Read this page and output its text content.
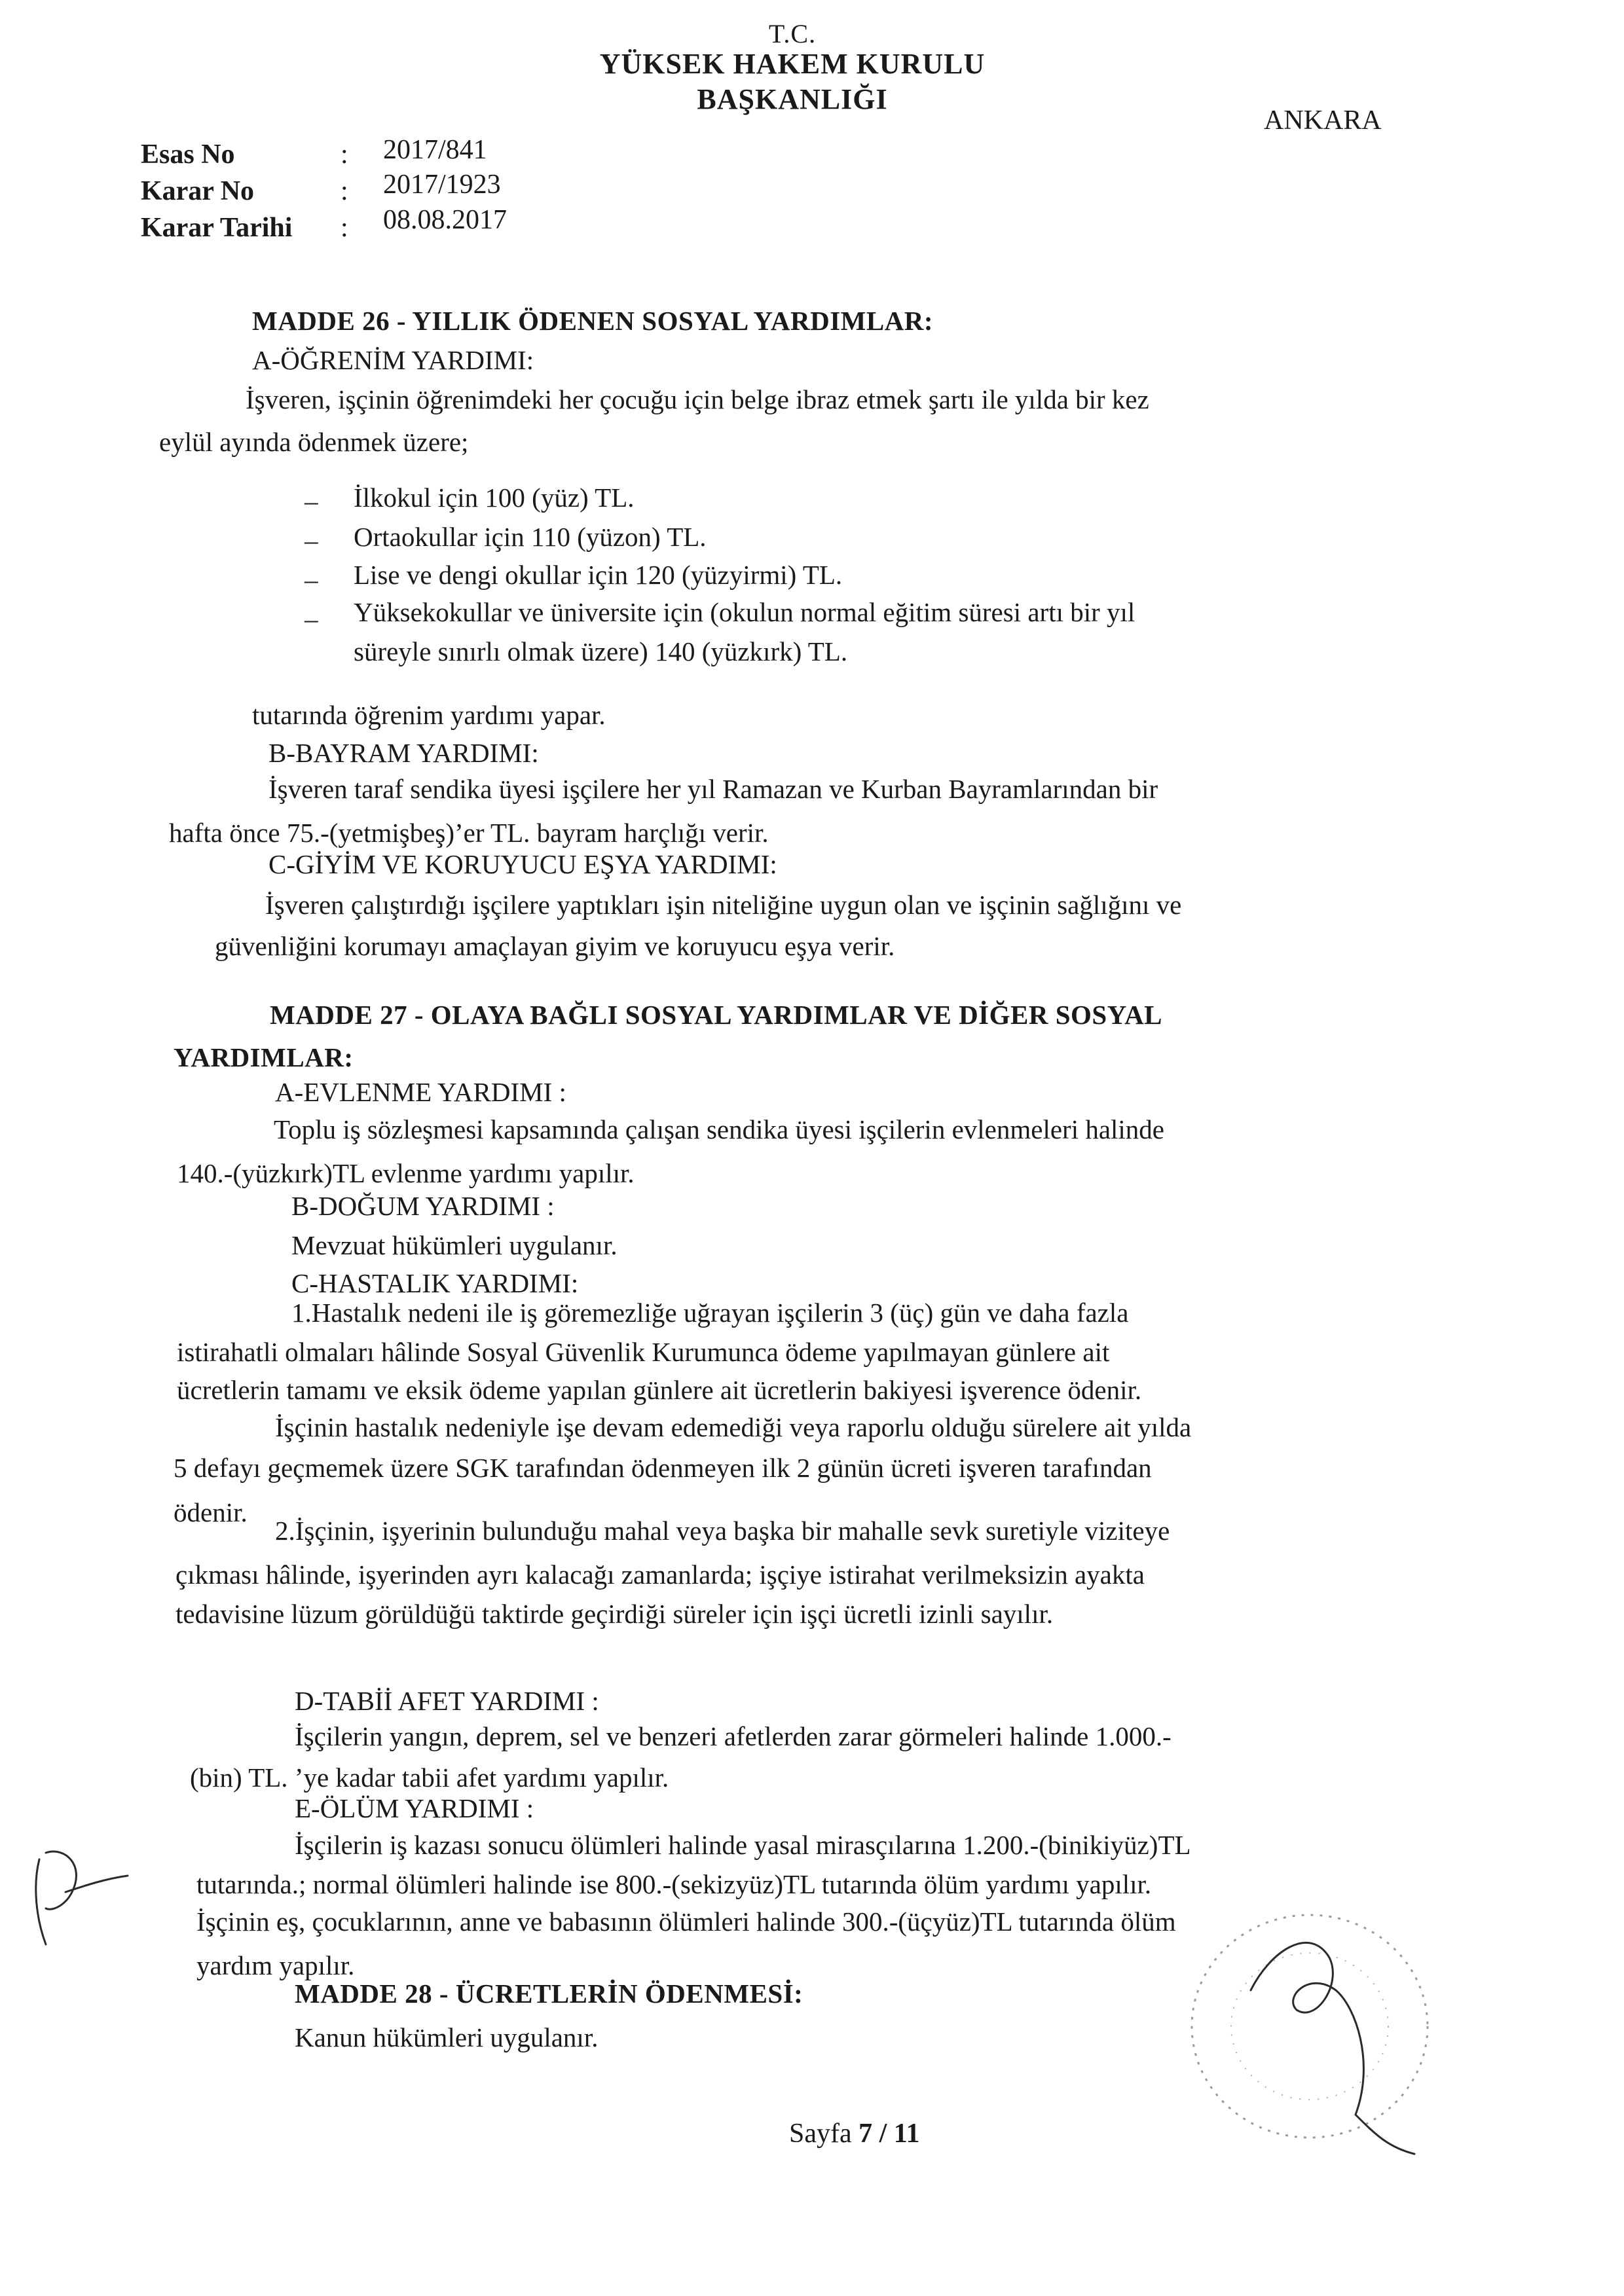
T.C.
YÜKSEK HAKEM KURULU
BAŞKANLIĞI
ANKARA
Esas No	: 2017/841
Karar No	: 2017/1923
Karar Tarihi : 08.08.2017
MADDE 26 - YILLIK ÖDENEN SOSYAL YARDIMLAR:
A-ÖĞRENİM YARDIMI:
İşveren, işçinin öğrenimdeki her çocuğu için belge ibraz etmek şartı ile yılda bir kez
eylül ayında ödenmek üzere;
– İlkokul için 100 (yüz) TL.
– Ortaokullar için 110 (yüzon) TL.
– Lise ve dengi okullar için 120 (yüzyirmi) TL.
– Yüksekokullar ve üniversite için (okulun normal eğitim süresi artı bir yıl
süreyle sınırlı olmak üzere) 140 (yüzkırk) TL.
tutarında öğrenim yardımı yapar.
B-BAYRAM YARDIMI:
İşveren taraf sendika üyesi işçilere her yıl Ramazan ve Kurban Bayramlarından bir
hafta önce 75.-(yetmişbeş)’er TL. bayram harçlığı verir.
C-GİYİM VE KORUYUCU EŞYA YARDIMI:
İşveren çalıştırdığı işçilere yaptıkları işin niteliğine uygun olan ve işçinin sağlığını ve
güvenliğini korumayı amaçlayan giyim ve koruyucu eşya verir.
MADDE 27 - OLAYA BAĞLI SOSYAL YARDIMLAR VE DİĞER SOSYAL
YARDIMLAR:
A-EVLENME YARDIMI :
Toplu iş sözleşmesi kapsamında çalışan sendika üyesi işçilerin evlenmeleri halinde
140.-(yüzkırk)TL evlenme yardımı yapılır.
B-DOĞUM YARDIMI :
Mevzuat hükümleri uygulanır.
C-HASTALIK YARDIMI:
1.Hastalık nedeni ile iş göremezliğe uğrayan işçilerin 3 (üç) gün ve daha fazla
istirahatli olmaları hâlinde Sosyal Güvenlik Kurumunca ödeme yapılmayan günlere ait
ücretlerin tamamı ve eksik ödeme yapılan günlere ait ücretlerin bakiyesi işverence ödenir.
İşçinin hastalık nedeniyle işe devam edemediği veya raporlu olduğu sürelere ait yılda
5 defayı geçmemek üzere SGK tarafından ödenmeyen ilk 2 günün ücreti işveren tarafından
ödenir.
2.İşçinin, işyerinin bulunduğu mahal veya başka bir mahalle sevk suretiyle viziteye
çıkması hâlinde, işyerinden ayrı kalacağı zamanlarda; işçiye istirahat verilmeksizin ayakta
tedavisine lüzum görüldüğü taktirde geçirdiği süreler için işçi ücretli izinli sayılır.
D-TABİİ AFET YARDIMI :
İşçilerin yangın, deprem, sel ve benzeri afetlerden zarar görmeleri halinde 1.000.-
(bin) TL. ’ye kadar tabii afet yardımı yapılır.
E-ÖLÜM YARDIMI :
İşçilerin iş kazası sonucu ölümleri halinde yasal mirasçılarına 1.200.-(binikiyüz)TL
tutarında.; normal ölümleri halinde ise 800.-(sekizyüz)TL tutarında ölüm yardımı yapılır.
İşçinin eş, çocuklarının, anne ve babasının ölümleri halinde 300.-(üçyüz)TL tutarında ölüm
yardım yapılır.
MADDE 28 - ÜCRETLERİN ÖDENMESİ:
Kanun hükümleri uygulanır.
Sayfa 7 / 11
